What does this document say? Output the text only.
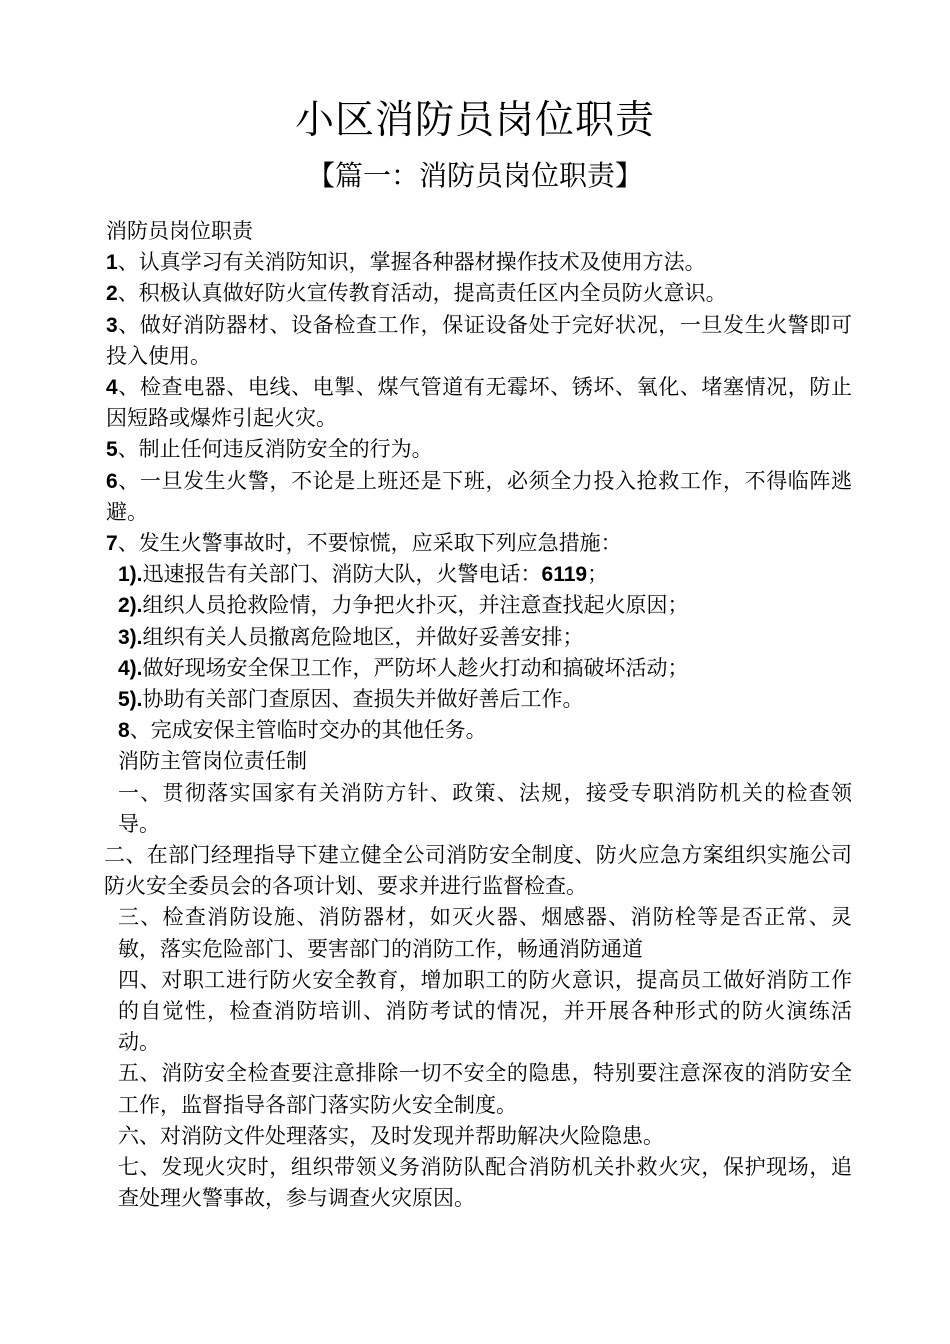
小区消防员岗位职责
【篇一：消防员岗位职责】

消防员岗位职责

1、认真学习有关消防知识，掌握各种器材操作技术及使用方法。

2、积极认真做好防火宣传教育活动，提高责任区内全员防火意识。

3、做好消防器材、设备检查工作，保证设备处于完好状况，一旦发生火警即可投入使用。

4、检查电器、电线、电掣、煤气管道有无霉坏、锈坏、氧化、堵塞情况，防止因短路或爆炸引起火灾。

5、制止任何违反消防安全的行为。

6、一旦发生火警，不论是上班还是下班，必须全力投入抢救工作，不得临阵逃避。

7、发生火警事故时，不要惊慌，应采取下列应急措施：

1).迅速报告有关部门、消防大队，火警电话：6119；

2).组织人员抢救险情，力争把火扑灭，并注意查找起火原因；

3).组织有关人员撤离危险地区，并做好妥善安排；

4).做好现场安全保卫工作，严防坏人趁火打动和搞破坏活动；

5).协助有关部门查原因、查损失并做好善后工作。

8、完成安保主管临时交办的其他任务。

消防主管岗位责任制

一、贯彻落实国家有关消防方针、政策、法规，接受专职消防机关的检查领导。

二、在部门经理指导下建立健全公司消防安全制度、防火应急方案组织实施公司防火安全委员会的各项计划、要求并进行监督检查。

三、检查消防设施、消防器材，如灭火器、烟感器、消防栓等是否正常、灵敏，落实危险部门、要害部门的消防工作，畅通消防通道

四、对职工进行防火安全教育，增加职工的防火意识，提高员工做好消防工作的自觉性，检查消防培训、消防考试的情况，并开展各种形式的防火演练活动。

五、消防安全检查要注意排除一切不安全的隐患，特别要注意深夜的消防安全工作，监督指导各部门落实防火安全制度。

六、对消防文件处理落实，及时发现并帮助解决火险隐患。

七、发现火灾时，组织带领义务消防队配合消防机关扑救火灾，保护现场，追查处理火警事故，参与调查火灾原因。
